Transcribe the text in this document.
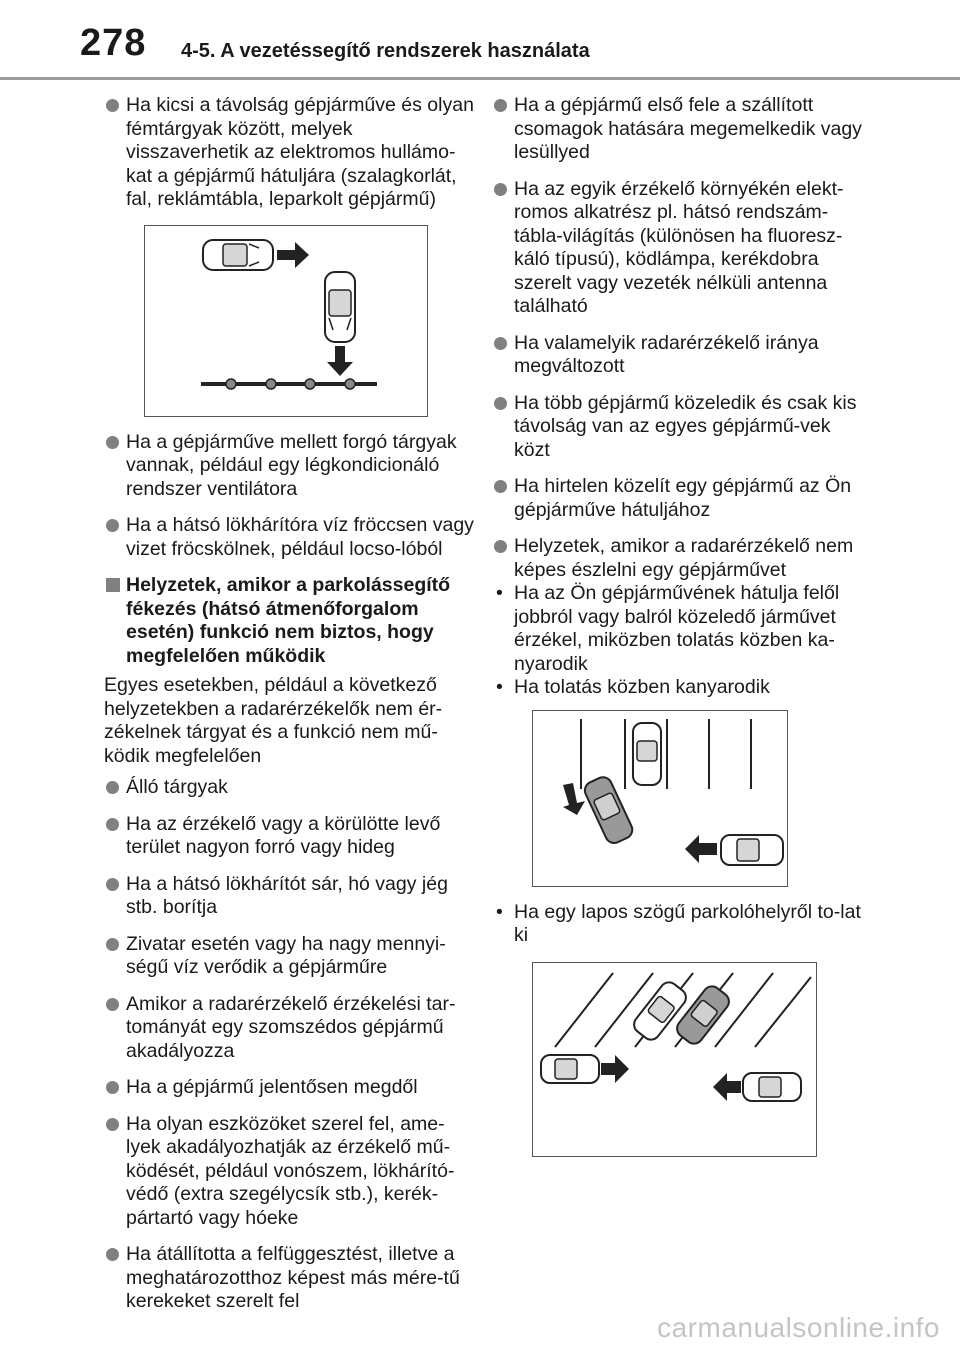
278 4-5. A vezetéssegítő rendszerek használata
Ha kicsi a távolság gépjárműve és olyan fémtárgyak között, melyek visszaverhetik az elektromos hullámo-kat a gépjármű hátuljára (szalagkorlát, fal, reklámtábla, leparkolt gépjármű)
Ha a gépjárműve mellett forgó tárgyak vannak, például egy légkondicionáló rendszer ventilátora
Ha a hátsó lökhárítóra víz fröccsen vagy vizet fröcskölnek, például locso-lóból
Helyzetek, amikor a parkolássegítő fékezés (hátsó átmenőforgalom esetén) funkció nem biztos, hogy megfelelően működik
Egyes esetekben, például a következő helyzetekben a radarérzékelők nem ér-zékelnek tárgyat és a funkció nem mű-ködik megfelelően
Álló tárgyak
Ha az érzékelő vagy a körülötte levő terület nagyon forró vagy hideg
Ha a hátsó lökhárítót sár, hó vagy jég stb. borítja
Zivatar esetén vagy ha nagy mennyi-ségű víz verődik a gépjárműre
Amikor a radarérzékelő érzékelési tar-tományát egy szomszédos gépjármű akadályozza
Ha a gépjármű jelentősen megdől
Ha olyan eszközöket szerel fel, ame-lyek akadályozhatják az érzékelő mű-ködését, például vonószem, lökhárító-védő (extra szegélycsík stb.), kerék-pártartó vagy hóeke
Ha átállította a felfüggesztést, illetve a meghatározotthoz képest más mére-tű kerekeket szerelt fel
Ha a gépjármű első fele a szállított csomagok hatására megemelkedik vagy lesüllyed
Ha az egyik érzékelő környékén elekt-romos alkatrész pl. hátsó rendszám-tábla-világítás (különösen ha fluoresz-káló típusú), ködlámpa, kerékdobra szerelt vagy vezeték nélküli antenna található
Ha valamelyik radarérzékelő iránya megváltozott
Ha több gépjármű közeledik és csak kis távolság van az egyes gépjármű-vek közt
Ha hirtelen közelít egy gépjármű az Ön gépjárművе hátuljához
Helyzetek, amikor a radarérzékelő nem képes észlelni egy gépjárművet
• Ha az Ön gépjárművének hátulja felől jobbról vagy balról közeledő járművet érzékel, miközben tolatás közben ka-nyarodik
• Ha tolatás közben kanyarodik
• Ha egy lapos szögű parkolóhelyről to-lat ki
carmanualsonline.info
